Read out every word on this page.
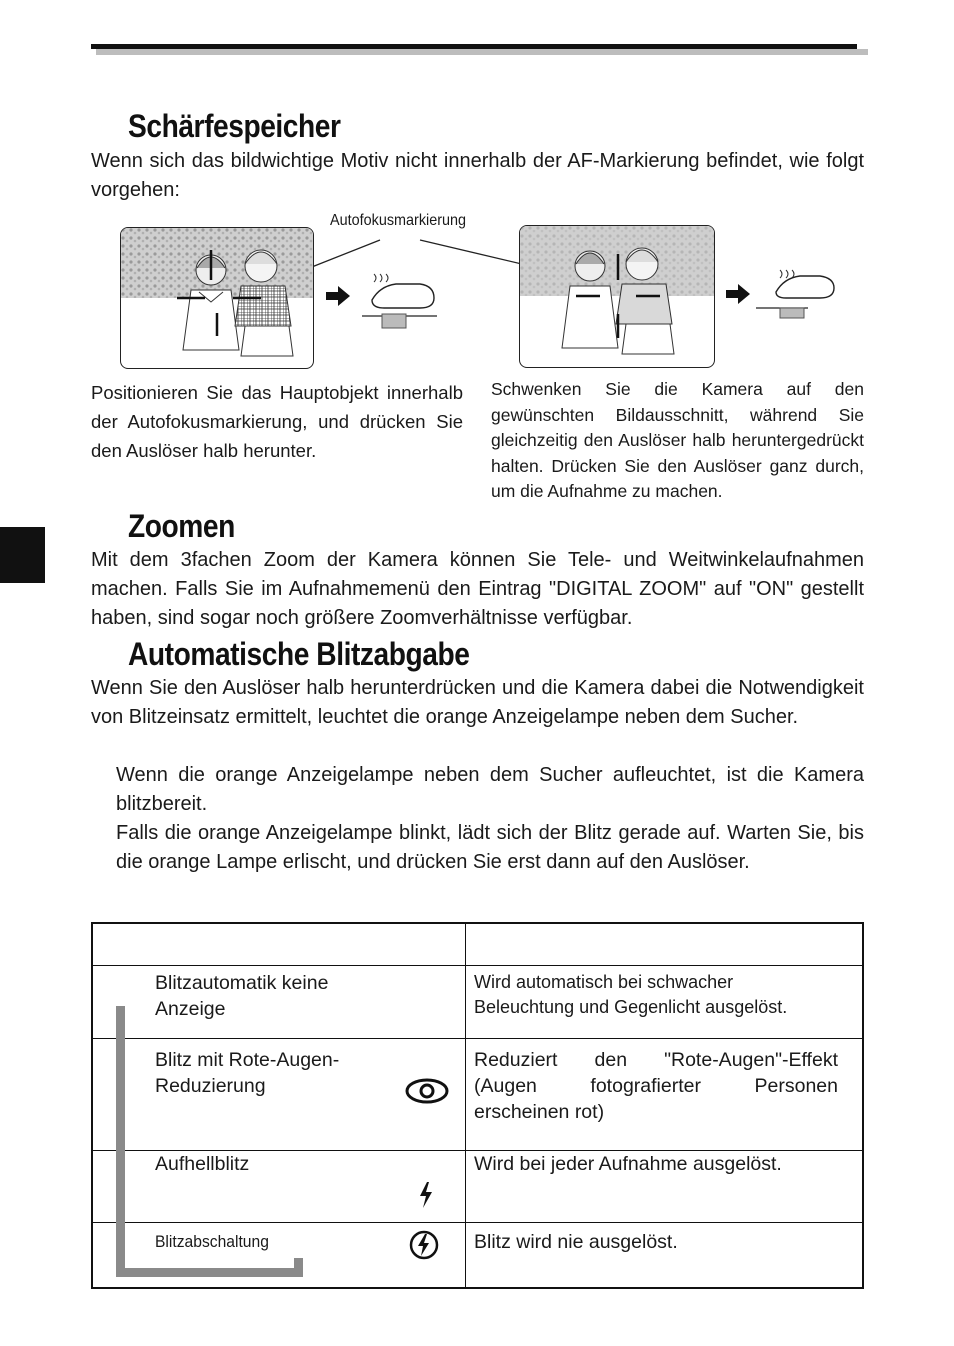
Schärfespeicher

Wenn sich das bildwichtige Motiv nicht innerhalb der AF-Markierung befindet, wie folgt vorgehen:

Autofokusmarkierung

Positionieren Sie das Hauptobjekt innerhalb der Autofokusmarkierung, und drücken Sie den Auslöser halb herunter.

Schwenken Sie die Kamera auf den gewünschten Bildausschnitt, während Sie gleichzeitig den Auslöser halb heruntergedrückt halten. Drücken Sie den Auslöser ganz durch, um die Aufnahme zu machen.

Zoomen

Mit dem 3fachen Zoom der Kamera können Sie Tele- und Weitwinkelaufnahmen machen. Falls Sie im Aufnahmemenü den Eintrag "DIGITAL ZOOM" auf "ON" gestellt haben, sind sogar noch größere Zoomverhältnisse verfügbar.

Automatische Blitzabgabe

Wenn Sie den Auslöser halb herunterdrücken und die Kamera dabei die Notwendigkeit von Blitzeinsatz ermittelt, leuchtet die orange Anzeigelampe neben dem Sucher.

Wenn die orange Anzeigelampe neben dem Sucher aufleuchtet, ist die Kamera blitzbereit.

Falls die orange Anzeigelampe blinkt, lädt sich der Blitz gerade auf. Warten Sie, bis die orange Lampe erlischt, und drücken Sie erst dann auf den Auslöser.

Blitzautomatik keine Anzeige	Wird automatisch bei schwacher Beleuchtung und Gegenlicht ausgelöst.

Blitz mit Rote-Augen-Reduzierung	Reduziert den "Rote-Augen"-Effekt (Augen fotografierter Personen erscheinen rot)

Aufhellblitz	Wird bei jeder Aufnahme ausgelöst.

Blitzabschaltung	Blitz wird nie ausgelöst.
